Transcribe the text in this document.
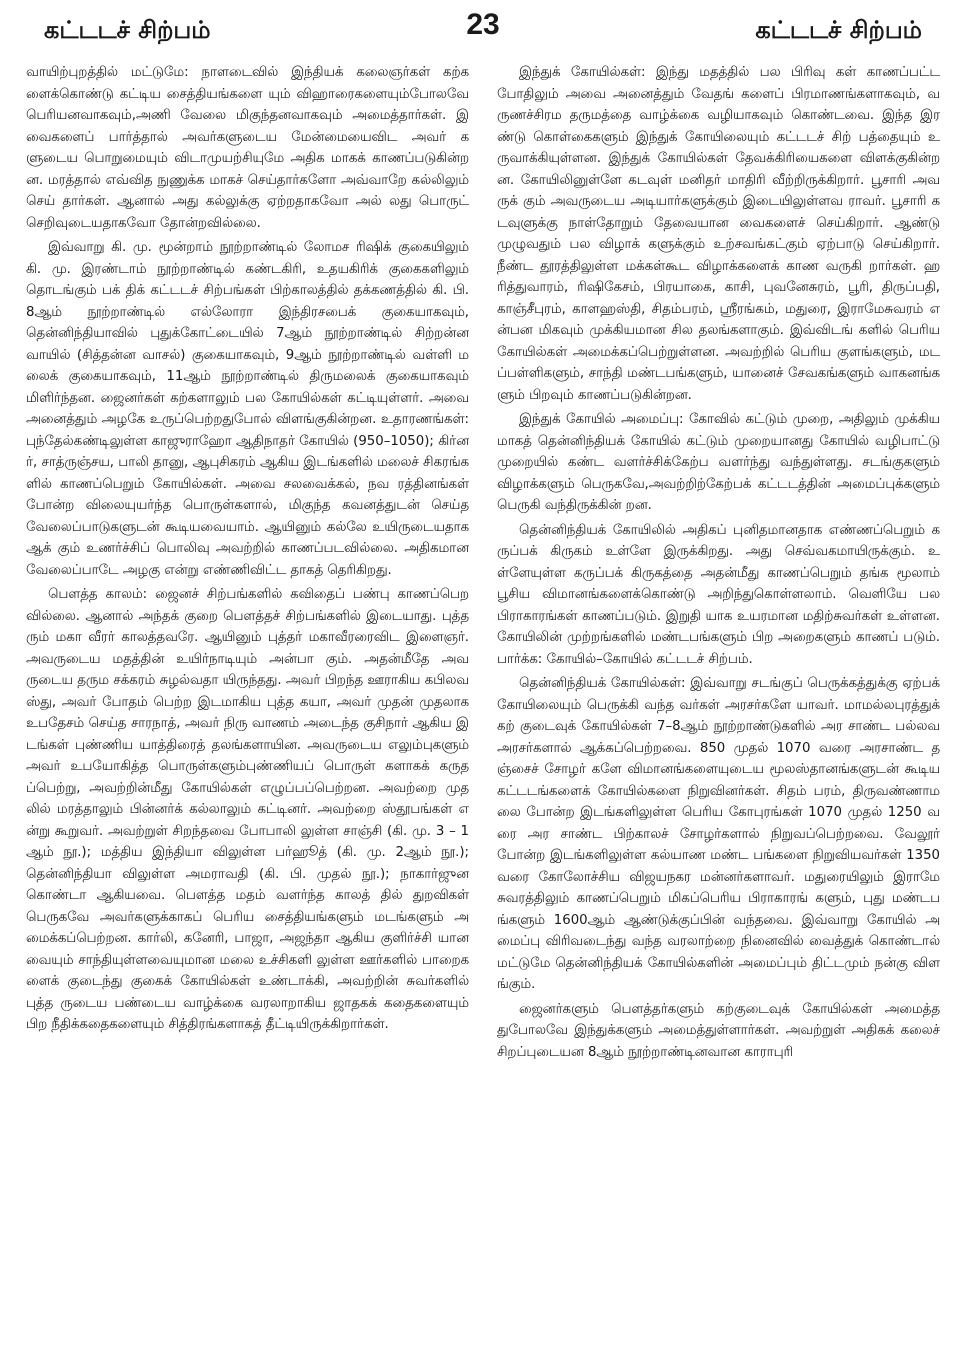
கட்டடச் சிற்பம்	23	கட்டடச் சிற்பம்

வாயிற்புறத்தில் மட்டுமே: நாளடைவில் இந்தியக் கலைஞர்கள் கற்களைக்கொண்டு கட்டிய சைத்தியங்களை யும் விஹாரைகளையும்போலவே பெரியனவாகவும்,அணி வேலை மிகுந்தனவாகவும் அமைத்தார்கள். இவைகளைப் பார்த்தால் அவர்களுடைய மேன்மையைவிட அவர் களுடைய பொறுமையும் விடாமுயற்சியுமே அதிக மாகக் காணப்படுகின்றன. மரத்தால் எவ்வித நுணுக்க மாகச் செய்தார்களோ அவ்வாறே கல்லிலும் செய் தார்கள். ஆனால் அது கல்லுக்கு ஏற்றதாகவோ அல் லது பொருட் செறிவுடையதாகவோ தோன்றவில்லை.

இவ்வாறு கி. மு. மூன்றாம் நூற்றாண்டில் லோமச ரிஷிக் குகையிலும் கி. மு. இரண்டாம் நூற்றாண்டில் கண்டகிரி, உதயகிரிக் குகைகளிலும் தொடங்கும் பக் திக் கட்டடச் சிற்பங்கள் பிற்காலத்தில் தக்கணத்தில் கி. பி. 8ஆம் நூற்றாண்டில் எல்லோரா இந்திரசபைக் குகையாகவும், தென்னிந்தியாவில் புதுக்கோட்டையில் 7ஆம் நூற்றாண்டில் சிற்றன்னவாயில் (சித்தன்ன வாசல்) குகையாகவும், 9ஆம் நூற்றாண்டில் வள்ளி மலைக் குகையாகவும், 11ஆம் நூற்றாண்டில் திருமலைக் குகையாகவும் மிளிர்ந்தன. ஜைனர்கள் கற்களாலும் பல கோயில்கள் கட்டியுள்ளர். அவை அனைத்தும் அழகே உருப்பெற்றதுபோல் விளங்குகின்றன. உதாரணங்கள்: புந்தேல்கண்டிலுள்ள காஜுராஹோ ஆதிநாதர் கோயில் (950–1050); கிர்னர், சாத்ருஞ்சய, பாலி தானு, ஆபுசிகரம் ஆகிய இடங்களில் மலைச் சிகரங்களில் காணப்பெறும் கோயில்கள். அவை சலவைக்கல், நவ ரத்தினங்கள் போன்ற விலையுயர்ந்த பொருள்களால், மிகுந்த கவனத்துடன் செய்த வேலைப்பாடுகளுடன் கூடியவையாம். ஆயினும் கல்லே உயிருடையதாக ஆக் கும் உணர்ச்சிப் பொலிவு அவற்றில் காணப்படவில்லை. அதிகமான வேலைப்பாடே அழகு என்று எண்ணிவிட்ட தாகத் தெரிகிறது.

பௌத்த காலம்: ஜைனச் சிற்பங்களில் கவிதைப் பண்பு காணப்பெறவில்லை. ஆனால் அந்தக் குறை பௌத்தச் சிற்பங்களில் இடையாது. புத்தரும் மகா வீரர் காலத்தவரே. ஆயினும் புத்தர் மகாவீரரைவிட இளைஞர். அவருடைய மதத்தின் உயிர்நாடியும் அன்பா கும். அதன்மீதே அவருடைய தரும சக்கரம் சுழல்வதா யிருந்தது. அவர் பிறந்த ஊராகிய கபிலவஸ்து, அவர் போதம் பெற்ற இடமாகிய புத்த கயா, அவர் முதன் முதலாக உபதேசம் செய்த சாரநாத், அவர் நிரு வாணம் அடைந்த குசிநார் ஆகிய இடங்கள் புண்ணிய யாத்திரைத் தலங்களாயின. அவருடைய எலும்புகளும் அவர் உபயோகித்த பொருள்களும்புண்ணியப் பொருள் களாகக் கருதப்பெற்று, அவற்றின்மீது கோயில்கள் எழுப்பப்பெற்றன. அவற்றை முதலில் மரத்தாலும் பின்னர்க் கல்லாலும் கட்டினர். அவற்றை ஸ்தூபங்கள் என்று கூறுவர். அவற்றுள் சிறந்தவை போபாலி லுள்ள சாஞ்சி (கி. மு. 3 – 1ஆம் நூ.); மத்திய இந்தியா விலுள்ள பர்ஹூத் (கி. மு. 2ஆம் நூ.); தென்னிந்தியா விலுள்ள அமராவதி (கி. பி. முதல் நூ.); நாகார்ஜுன கொண்டா ஆகியவை. பௌத்த மதம் வளர்ந்த காலத் தில் துறவிகள் பெருகவே அவர்களுக்காகப் பெரிய சைத்தியங்களும் மடங்களும் அமைக்கப்பெற்றன. கார்லி, கனேரி, பாஜா, அஜந்தா ஆகிய குளிர்ச்சி யானவையும் சாந்தியுள்ளவையுமான மலை உச்சிகளி லுள்ள ஊர்களில் பாறைகளைக் குடைந்து குகைக் கோயில்கள் உண்டாக்கி, அவற்றின் சுவர்களில் புத்த ருடைய பண்டைய வாழ்க்கை வரலாறாகிய ஜாதகக் கதைகளையும் பிற நீதிக்கதைகளையும் சித்திரங்களாகத் தீட்டியிருக்கிறார்கள்.

இந்துக் கோயில்கள்: இந்து மதத்தில் பல பிரிவு கள் காணப்பட்டபோதிலும் அவை அனைத்தும் வேதங் களைப் பிரமாணங்களாகவும், வருணச்சிரம தருமத்தை வாழ்க்கை வழியாகவும் கொண்டவை. இந்த இரண்டு கொள்கைகளும் இந்துக் கோயிலையும் கட்டடச் சிற் பத்தையும் உருவாக்கியுள்ளன. இந்துக் கோயில்கள் தேவக்கிரியைகளை விளக்குகின்றன. கோயிலினுள்ளே கடவுள் மனிதர் மாதிரி வீற்றிருக்கிறார். பூசாரி அவருக் கும் அவருடைய அடியார்களுக்கும் இடையிலுள்ளவ ராவர். பூசாரி கடவுளுக்கு நாள்தோறும் தேவையான வைகளைச் செய்கிறார். ஆண்டு முழுவதும் பல விழாக் களுக்கும் உற்சவங்கட்கும் ஏற்பாடு செய்கிறார். நீண்ட தூரத்திலுள்ள மக்கள்கூட விழாக்களைக் காண வருகி றார்கள். ஹரித்துவாரம், ரிஷிகேசம், பிரயாகை, காசி, புவனேசுரம், பூரி, திருப்பதி, காஞ்சீபுரம், காளஹஸ்தி, சிதம்பரம், ஸ்ரீரங்கம், மதுரை, இராமேசுவரம் என்பன மிகவும் முக்கியமான சில தலங்களாகும். இவ்விடங் களில் பெரிய கோயில்கள் அமைக்கப்பெற்றுள்ளன. அவற்றில் பெரிய குளங்களும், மடப்பள்ளிகளும், சாந்தி மண்டபங்களும், யானைச் சேவகங்களும் வாகனங்களும் பிறவும் காணப்படுகின்றன.

இந்துக் கோயில் அமைப்பு: கோவில் கட்டும் முறை, அதிலும் முக்கியமாகத் தென்னிந்தியக் கோயில் கட்டும் முறையானது கோயில் வழிபாட்டு முறையில் கண்ட வளர்ச்சிக்கேற்ப வளர்ந்து வந்துள்ளது. சடங்குகளும் விழாக்களும் பெருகவே,அவற்றிற்கேற்பக் கட்டடத்தின் அமைப்புக்களும் பெருகி வந்திருக்கின் றன.

தென்னிந்தியக் கோயிலில் அதிகப் புனிதமானதாக எண்ணப்பெறும் கருப்பக் கிருகம் உள்ளே இருக்கிறது. அது செவ்வகமாயிருக்கும். உள்ளேயுள்ள கருப்பக் கிருகத்தை அதன்மீது காணப்பெறும் தங்க மூலாம் பூசிய விமானங்களைக்கொண்டு அறிந்துகொள்ளலாம். வெளியே பல பிராகாரங்கள் காணப்படும். இறுதி யாக உயரமான மதிற்சுவர்கள் உள்ளன. கோயிலின் முற்றங்களில் மண்டபங்களும் பிற அறைகளும் காணப் படும். பார்க்க: கோயில்–கோயில் கட்டடச் சிற்பம்.

தென்னிந்தியக் கோயில்கள்: இவ்வாறு சடங்குப் பெருக்கத்துக்கு ஏற்பக் கோயிலையும் பெருக்கி வந்த வர்கள் அரசர்களே யாவர். மாமல்லபுரத்துக் கற் குடைவுக் கோயில்கள் 7–8ஆம் நூற்றாண்டுகளில் அர சாண்ட பல்லவ அரசர்களால் ஆக்கப்பெற்றவை. 850 முதல் 1070 வரை அரசாண்ட தஞ்சைச் சோழர் களே விமானங்களையுடைய மூலஸ்தானங்களுடன் கூடிய கட்டடங்களைக் கோயில்களை நிறுவினர்கள். சிதம் பரம், திருவண்ணாமலை போன்ற இடங்களிலுள்ள பெரிய கோபுரங்கள் 1070 முதல் 1250 வரை அர சாண்ட பிற்காலச் சோழர்களால் நிறுவப்பெற்றவை. வேலூர் போன்ற இடங்களிலுள்ள கல்யாண மண்ட பங்களை நிறுவியவர்கள் 1350 வரை கோலோச்சிய விஜயநகர மன்னர்களாவர். மதுரையிலும் இராமே சுவரத்திலும் காணப்பெறும் மிகப்பெரிய பிராகாரங் களும், புது மண்டபங்களும் 1600ஆம் ஆண்டுக்குப்பின் வந்தவை. இவ்வாறு கோயில் அமைப்பு விரிவடைந்து வந்த வரலாற்றை நினைவில் வைத்துக் கொண்டால் மட்டுமே தென்னிந்தியக் கோயில்களின் அமைப்பும் திட்டமும் நன்கு விளங்கும்.

ஜைனர்களும் பௌத்தர்களும் கற்குடைவுக் கோயில்கள் அமைத்ததுபோலவே இந்துக்களும் அமைத்துள்ளார்கள். அவற்றுள் அதிகக் கலைச் சிறப்புடையன 8ஆம் நூற்றாண்டினவான காராபுரி
